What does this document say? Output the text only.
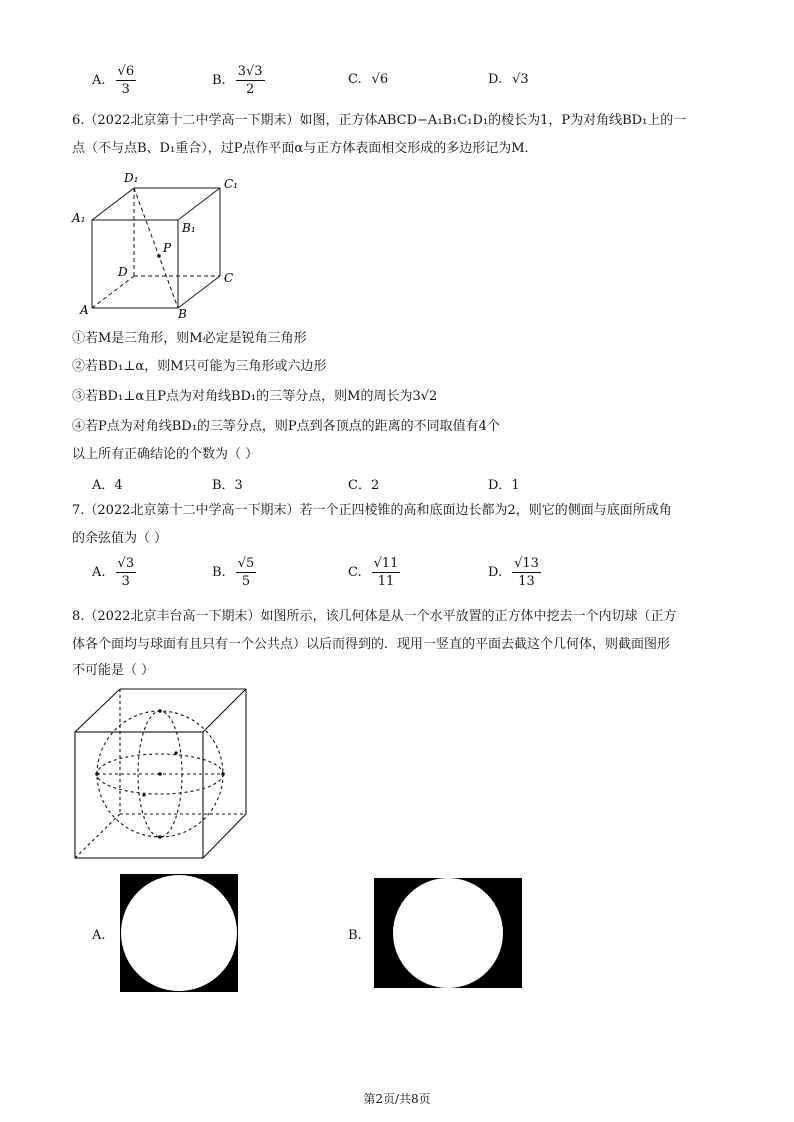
A. $\frac{√6}{3}$	B. $\frac{3√3}{2}$	C. √6	D. √3
6.（2022北京第十二中学高一下期末）如图，正方体ABCD−A₁B₁C₁D₁的棱长为1，P为对角线BD₁上的一
点（不与点B、D₁重合），过P点作平面α与正方体表面相交形成的多边形记为M．
D₁	C₁
A₁
B₁
P
D	C
A	B
①若M是三角形，则M必定是锐角三角形
②若BD₁⊥α，则M只可能为三角形或六边形
③若BD₁⊥α且P点为对角线BD₁的三等分点，则M的周长为3√2
④若P点为对角线BD₁的三等分点，则P点到各顶点的距离的不同取值有4个
以上所有正确结论的个数为（ ）
A．4	B．3	C．2	D．1
7.（2022北京第十二中学高一下期末）若一个正四棱锥的高和底面边长都为2，则它的侧面与底面所成角
的余弦值为（ ）
A. $\frac{√3}{3}$	B. $\frac{√5}{5}$	C. $\frac{√11}{11}$	D. $\frac{√13}{13}$
8.（2022北京丰台高一下期末）如图所示，该几何体是从一个水平放置的正方体中挖去一个内切球（正方
体各个面均与球面有且只有一个公共点）以后而得到的．现用一竖直的平面去截这个几何体，则截面图形
不可能是（ ）
A.	B.
第2页/共8页
